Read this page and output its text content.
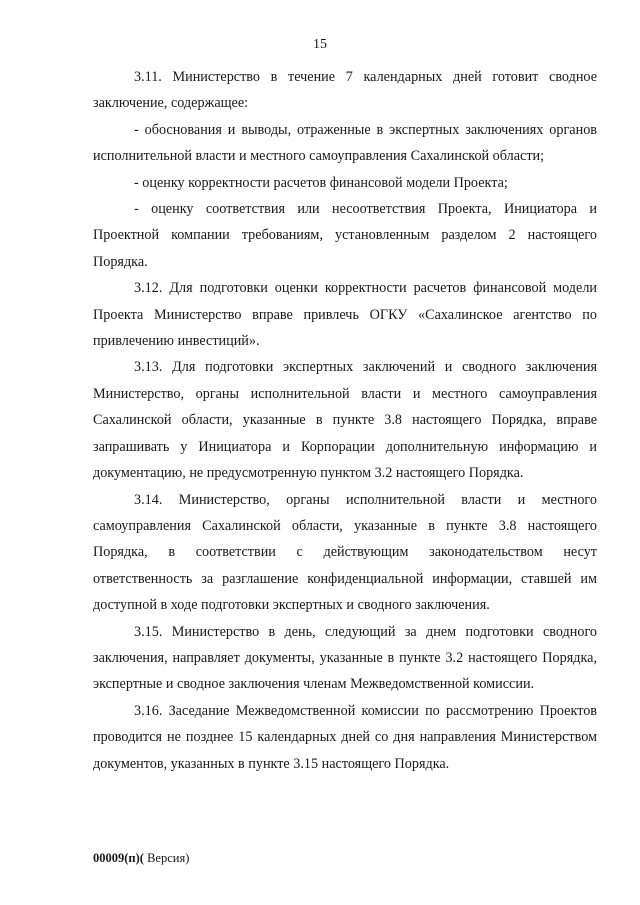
15

3.11. Министерство в течение 7 календарных дней готовит сводное заключение, содержащее:

- обоснования и выводы, отраженные в экспертных заключениях органов исполнительной власти и местного самоуправления Сахалинской области;

- оценку корректности расчетов финансовой модели Проекта;

- оценку соответствия или несоответствия Проекта, Инициатора и Проектной компании требованиям, установленным разделом 2 настоящего Порядка.

3.12. Для подготовки оценки корректности расчетов финансовой модели Проекта Министерство вправе привлечь ОГКУ «Сахалинское агентство по привлечению инвестиций».

3.13. Для подготовки экспертных заключений и сводного заключения Министерство, органы исполнительной власти и местного самоуправления Сахалинской области, указанные в пункте 3.8 настоящего Порядка, вправе запрашивать у Инициатора и Корпорации дополнительную информацию и документацию, не предусмотренную пунктом 3.2 настоящего Порядка.

3.14. Министерство, органы исполнительной власти и местного самоуправления Сахалинской области, указанные в пункте 3.8 настоящего Порядка, в соответствии с действующим законодательством несут ответственность за разглашение конфиденциальной информации, ставшей им доступной в ходе подготовки экспертных и сводного заключения.

3.15. Министерство в день, следующий за днем подготовки сводного заключения, направляет документы, указанные в пункте 3.2 настоящего Порядка, экспертные и сводное заключения членам Межведомственной комиссии.

3.16. Заседание Межведомственной комиссии по рассмотрению Проектов проводится не позднее 15 календарных дней со дня направления Министерством документов, указанных в пункте 3.15 настоящего Порядка.

00009(п)( Версия)
